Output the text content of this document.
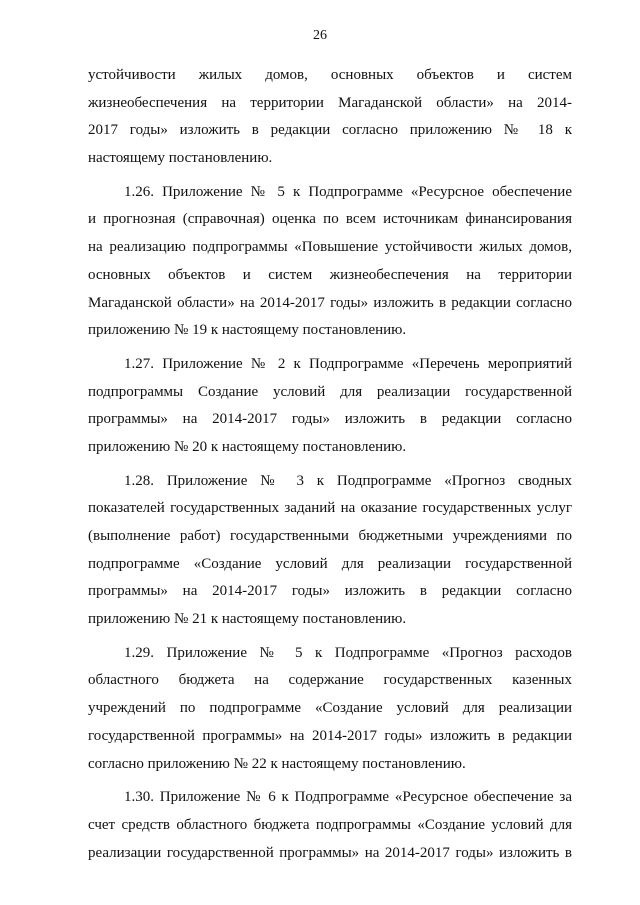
26
устойчивости жилых домов, основных объектов и систем
жизнеобеспечения на территории Магаданской области» на 2014-
2017 годы» изложить в редакции согласно приложению № 18 к
настоящему постановлению.
1.26. Приложение № 5 к Подпрограмме «Ресурсное обеспечение
и прогнозная (справочная) оценка по всем источникам финансирования
на реализацию подпрограммы «Повышение устойчивости жилых домов,
основных объектов и систем жизнеобеспечения на территории
Магаданской области» на 2014-2017 годы» изложить в редакции согласно
приложению № 19 к настоящему постановлению.
1.27. Приложение № 2 к Подпрограмме «Перечень мероприятий
подпрограммы Создание условий для реализации государственной
программы» на 2014-2017 годы» изложить в редакции согласно
приложению № 20 к настоящему постановлению.
1.28. Приложение № 3 к Подпрограмме «Прогноз сводных
показателей государственных заданий на оказание государственных услуг
(выполнение работ) государственными бюджетными учреждениями по
подпрограмме «Создание условий для реализации государственной
программы» на 2014-2017 годы» изложить в редакции согласно
приложению № 21 к настоящему постановлению.
1.29. Приложение № 5 к Подпрограмме «Прогноз расходов
областного бюджета на содержание государственных казенных
учреждений по подпрограмме «Создание условий для реализации
государственной программы» на 2014-2017 годы» изложить в редакции
согласно приложению № 22 к настоящему постановлению.
1.30. Приложение № 6 к Подпрограмме «Ресурсное обеспечение за
счет средств областного бюджета подпрограммы «Создание условий для
реализации государственной программы» на 2014-2017 годы» изложить в
